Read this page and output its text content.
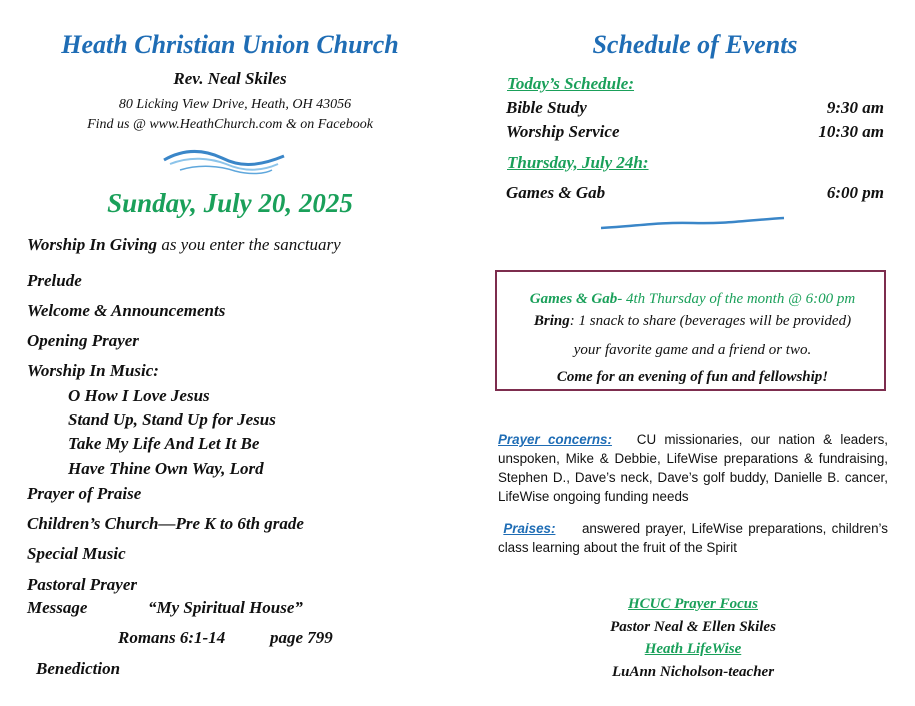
Heath Christian Union Church
Rev. Neal Skiles
80 Licking View Drive, Heath, OH 43056
Find us @ www.HeathChurch.com & on Facebook
Sunday, July 20, 2025
Worship In Giving as you enter the sanctuary
Prelude
Welcome & Announcements
Opening Prayer
Worship In Music:
O How I Love Jesus
Stand Up, Stand Up for Jesus
Take My Life And Let It Be
Have Thine Own Way, Lord
Prayer of Praise
Children’s Church—Pre K to 6th grade
Special Music
Pastoral Prayer
Message	“My Spiritual House”
Romans 6:1-14	page 799
Benediction
Schedule of Events
Today’s Schedule:
Bible Study	9:30 am
Worship Service	10:30 am
Thursday, July 24h:
Games & Gab	6:00 pm
Games & Gab- 4th Thursday of the month @ 6:00 pm
Bring: 1 snack to share (beverages will be provided)
your favorite game and a friend or two.
Come for an evening of fun and fellowship!
Prayer concerns: CU missionaries, our nation & leaders, unspoken, Mike & Debbie, LifeWise preparations & fundraising, Stephen D., Dave’s neck, Dave’s golf buddy, Danielle B. cancer, LifeWise ongoing funding needs
Praises: answered prayer, LifeWise preparations, children’s class learning about the fruit of the Spirit
HCUC Prayer Focus
Pastor Neal & Ellen Skiles
Heath LifeWise
LuAnn Nicholson-teacher
